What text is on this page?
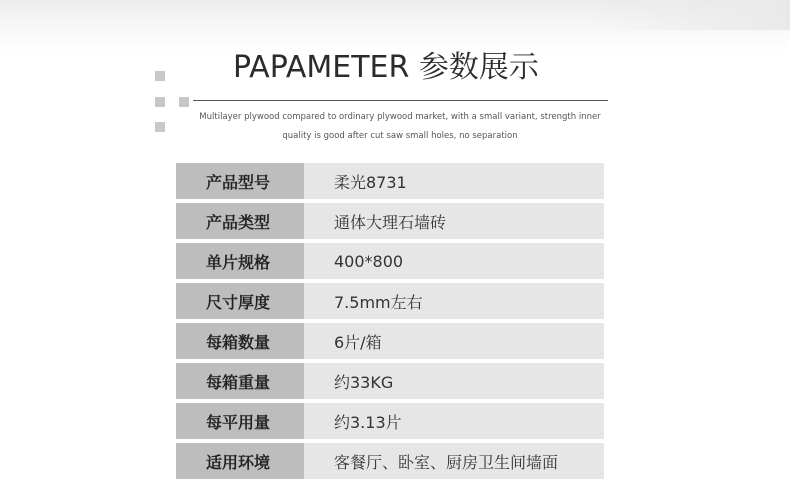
PAPAMETER 参数展示
Multilayer plywood compared to ordinary plywood market, with a small variant, strength inner
quality is good after cut saw small holes, no separation
产品型号	柔光8731
产品类型	通体大理石墙砖
单片规格	400*800
尺寸厚度	7.5mm左右
每箱数量	6片/箱
每箱重量	约33KG
每平用量	约3.13片
适用环境	客餐厅、卧室、厨房卫生间墙面
